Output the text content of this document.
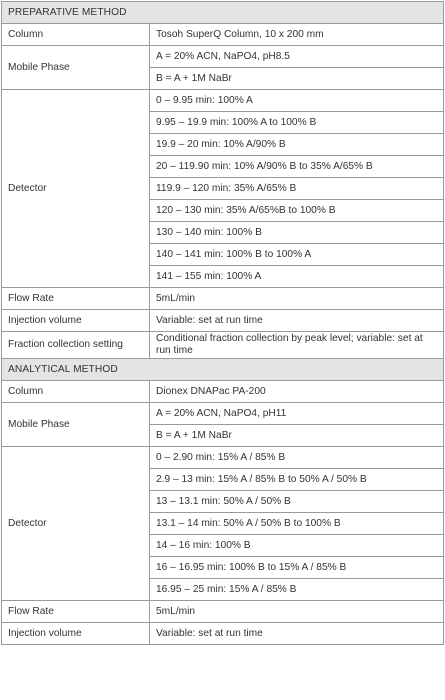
PREPARATIVE METHOD	
Column	Tosoh SuperQ Column, 10 x 200 mm
Mobile Phase	A = 20% ACN, NaPO4, pH8.5
	B = A + 1M NaBr
Detector	0 – 9.95 min: 100% A
	9.95 – 19.9 min: 100% A to 100% B
	19.9 – 20 min: 10% A/90% B
	20 – 119.90 min: 10% A/90% B to 35% A/65% B
	119.9 – 120 min: 35% A/65% B
	120 – 130 min: 35% A/65%B to 100% B
	130 – 140 min: 100% B
	140 – 141 min: 100% B to 100% A
	141 – 155 min: 100% A
Flow Rate	5mL/min
Injection volume	Variable: set at run time
Fraction collection setting	Conditional fraction collection by peak level; variable: set at run time
ANALYTICAL METHOD	
Column	Dionex DNAPac PA-200
Mobile Phase	A = 20% ACN, NaPO4, pH11
	B = A + 1M NaBr
Detector	0 – 2.90 min: 15% A / 85% B
	2.9 – 13 min: 15% A / 85% B to 50% A / 50% B
	13 – 13.1 min: 50% A / 50% B
	13.1 – 14 min: 50% A / 50% B to 100% B
	14 – 16 min: 100% B
	16 – 16.95 min: 100% B to 15% A / 85% B
	16.95 – 25 min: 15% A / 85% B
Flow Rate	5mL/min
Injection volume	Variable: set at run time
